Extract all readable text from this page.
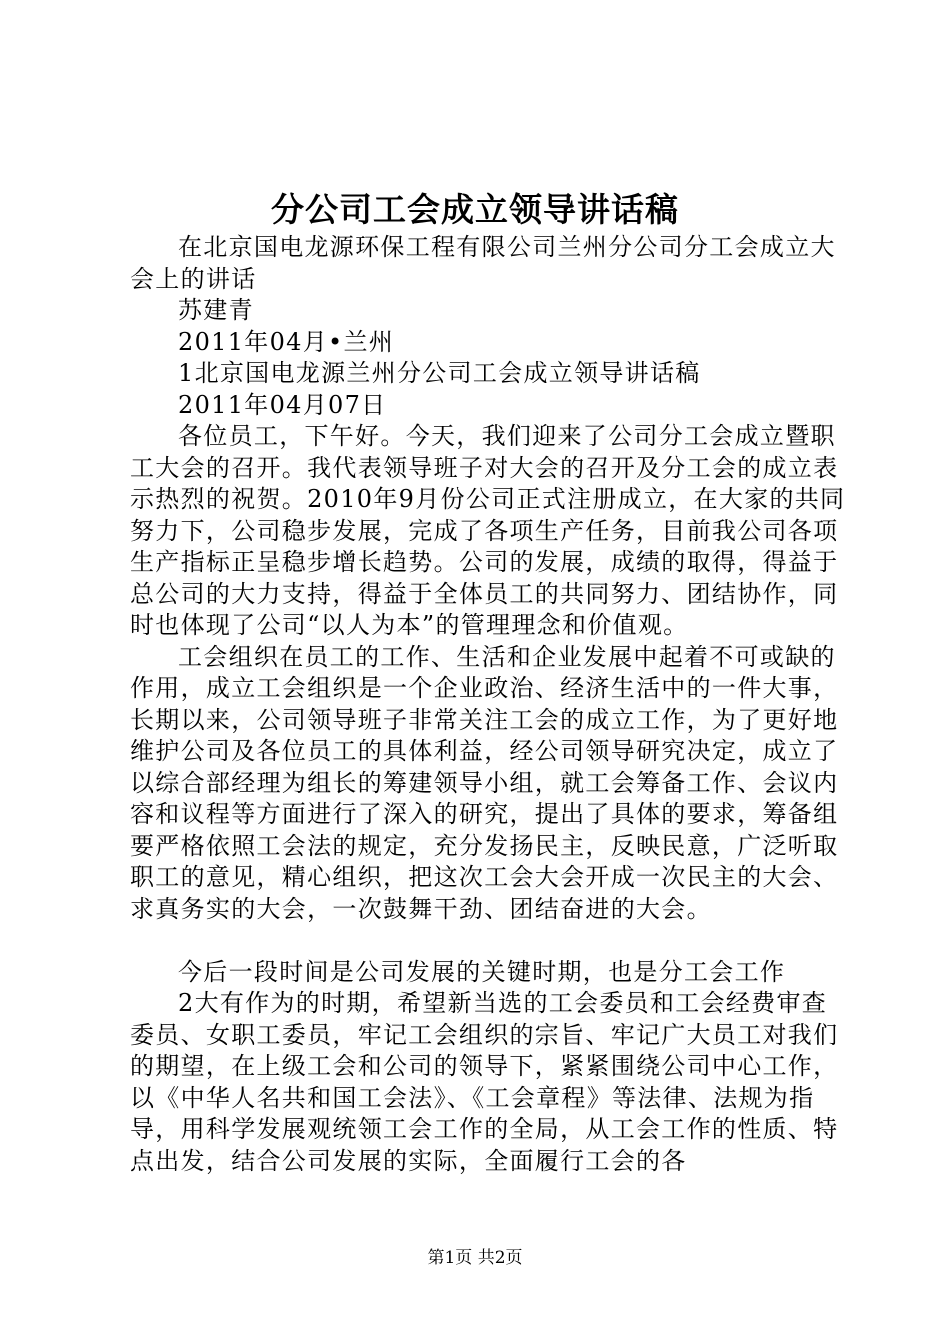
分公司工会成立领导讲话稿

在北京国电龙源环保工程有限公司兰州分公司分工会成立大会上的讲话

苏建青

2011年04月•兰州

1北京国电龙源兰州分公司工会成立领导讲话稿

2011年04月07日

各位员工，下午好。今天，我们迎来了公司分工会成立暨职工大会的召开。我代表领导班子对大会的召开及分工会的成立表示热烈的祝贺。2010年9月份公司正式注册成立，在大家的共同努力下，公司稳步发展，完成了各项生产任务，目前我公司各项生产指标正呈稳步增长趋势。公司的发展，成绩的取得，得益于总公司的大力支持，得益于全体员工的共同努力、团结协作，同时也体现了公司“以人为本”的管理理念和价值观。

工会组织在员工的工作、生活和企业发展中起着不可或缺的作用，成立工会组织是一个企业政治、经济生活中的一件大事，长期以来，公司领导班子非常关注工会的成立工作，为了更好地维护公司及各位员工的具体利益，经公司领导研究决定，成立了以综合部经理为组长的筹建领导小组，就工会筹备工作、会议内容和议程等方面进行了深入的研究，提出了具体的要求，筹备组要严格依照工会法的规定，充分发扬民主，反映民意，广泛听取职工的意见，精心组织，把这次工会大会开成一次民主的大会、求真务实的大会，一次鼓舞干劲、团结奋进的大会。

今后一段时间是公司发展的关键时期，也是分工会工作

2大有作为的时期，希望新当选的工会委员和工会经费审查委员、女职工委员，牢记工会组织的宗旨、牢记广大员工对我们的期望，在上级工会和公司的领导下，紧紧围绕公司中心工作，以《中华人名共和国工会法》、《工会章程》等法律、法规为指导，用科学发展观统领工会工作的全局，从工会工作的性质、特点出发，结合公司发展的实际，全面履行工会的各

第1页 共2页
